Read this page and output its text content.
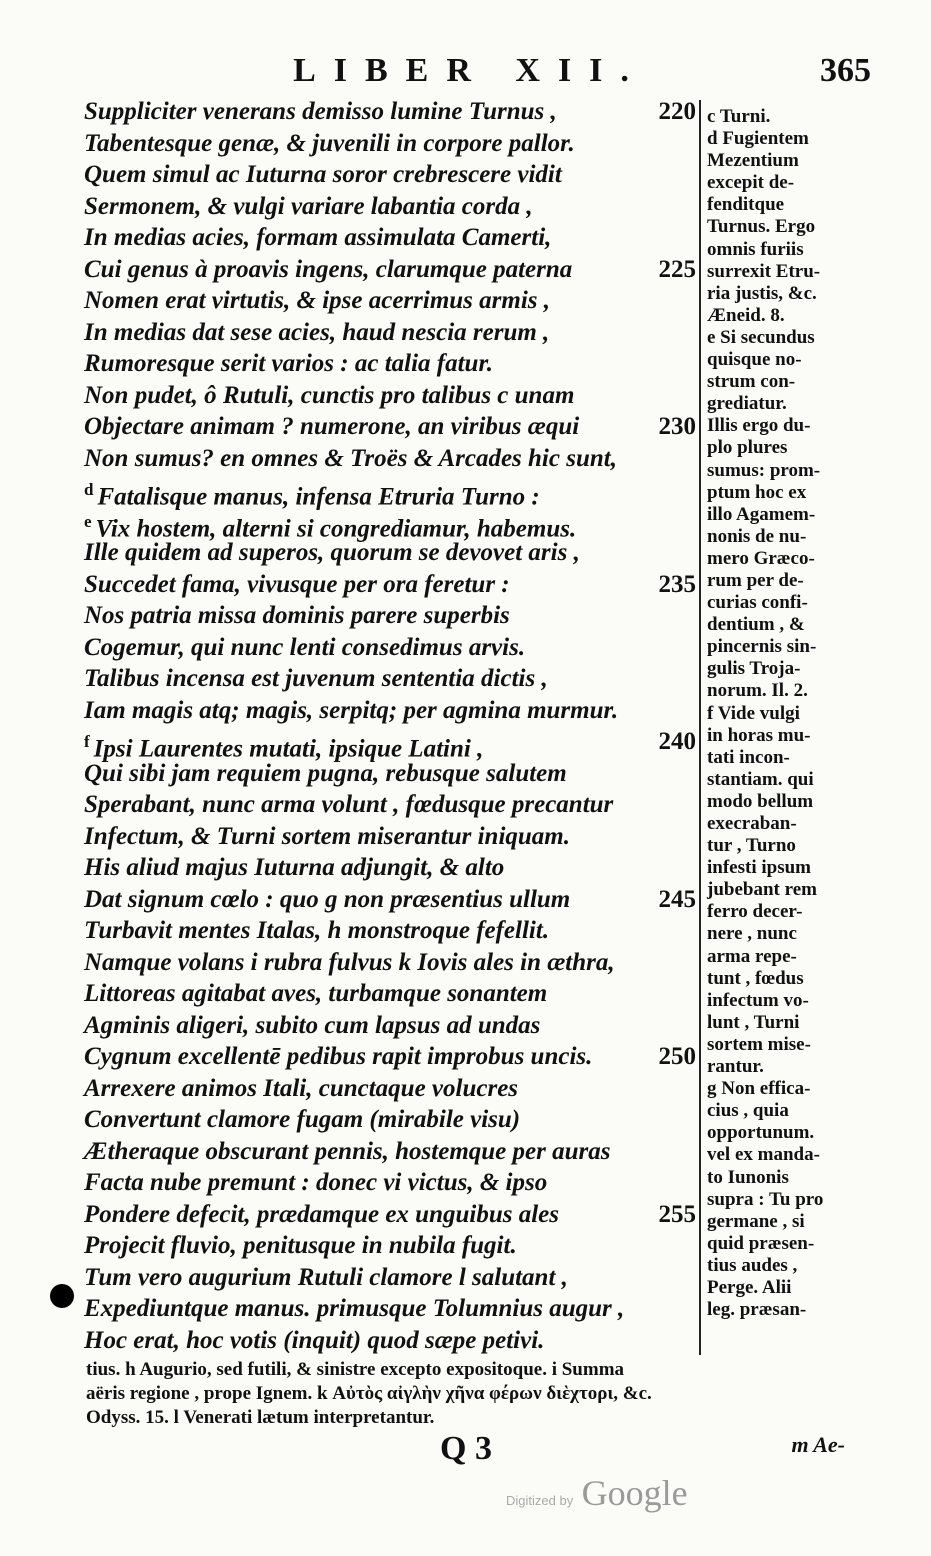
LIBER XII.	365
Suppliciter venerans demisso lumine Turnus ,	220
Tabentesque genæ, & juvenili in corpore pallor.
Quem simul ac Iuturna soror crebrescere vidit
Sermonem, & vulgi variare labantia corda ,
In medias acies, formam assimulata Camerti,
Cui genus à proavis ingens, clarumque paterna	225
Nomen erat virtutis, & ipse acerrimus armis ,
In medias dat sese acies, haud nescia rerum ,
Rumoresque serit varios : ac talia fatur.
Non pudet, ô Rutuli, cunctis pro talibus c unam
Objectare animam ? numerone, an viribus æqui	230
Non sumus? en omnes & Troës & Arcades hic sunt,
$^d$ Fatalisque manus, infensa Etruria Turno :
$^e$ Vix hostem, alterni si congrediamur, habemus.
Ille quidem ad superos, quorum se devovet aris ,
Succedet fama, vivusque per ora feretur :	235
Nos patria missa dominis parere superbis
Cogemur, qui nunc lenti consedimus arvis.
Talibus incensa est juvenum sententia dictis ,
Iam magis atq; magis, serpitq; per agmina murmur.
$^f$ Ipsi Laurentes mutati, ipsique Latini ,	240
Qui sibi jam requiem pugna, rebusque salutem
Sperabant, nunc arma volunt , fœdusque precantur
Infectum, & Turni sortem miserantur iniquam.
His aliud majus Iuturna adjungit, & alto
Dat signum cœlo : quo g non præsentius ullum	245
Turbavit mentes Italas, h monstroque fefellit.
Namque volans i rubra fulvus k Iovis ales in æthra,
Littoreas agitabat aves, turbamque sonantem
Agminis aligeri, subito cum lapsus ad undas
Cygnum excellentē pedibus rapit improbus uncis.	250
Arrexere animos Itali, cunctaque volucres
Convertunt clamore fugam (mirabile visu)
Ætheraque obscurant pennis, hostemque per auras
Facta nube premunt : donec vi victus, & ipso
Pondere defecit, prædamque ex unguibus ales	255
Projecit fluvio, penitusque in nubila fugit.
Tum vero augurium Rutuli clamore l salutant ,
Expediuntque manus. primusque Tolumnius augur ,
Hoc erat, hoc votis (inquit) quod sæpe petivi.
c Turni.
d Fugientem
Mezentium
excepit de-
fenditque
Turnus. Ergo
omnis furiis
surrexit Etru-
ria justis, &c.
Æneid. 8.
e Si secundus
quisque no-
strum con-
grediatur.
Illis ergo du-
plo plures
sumus: prom-
ptum hoc ex
illo Agamem-
nonis de nu-
mero Græco-
rum per de-
curias confi-
dentium , &
pincernis sin-
gulis Troja-
norum. Il. 2.
f Vide vulgi
in horas mu-
tati incon-
stantiam. qui
modo bellum
execraban-
tur , Turno
infesti ipsum
jubebant rem
ferro decer-
nere , nunc
arma repe-
tunt , fœdus
infectum vo-
lunt , Turni
sortem mise-
rantur.
g Non effica-
cius , quia
opportunum.
vel ex manda-
to Iunonis
supra : Tu pro
germane , si
quid præsen-
tius audes ,
Perge. Alii
leg. præsan-
tius. h Augurio, sed futili, & sinistre excepto expositoque. i Summa
aëris regione , prope Ignem. k Αὐτὸς αἰγλὴν χῆνα φέρων διὲχτορι, &c.
Odyss. 15. l Venerati lætum interpretantur.
Q 3	m Ae-
Digitized by Google
